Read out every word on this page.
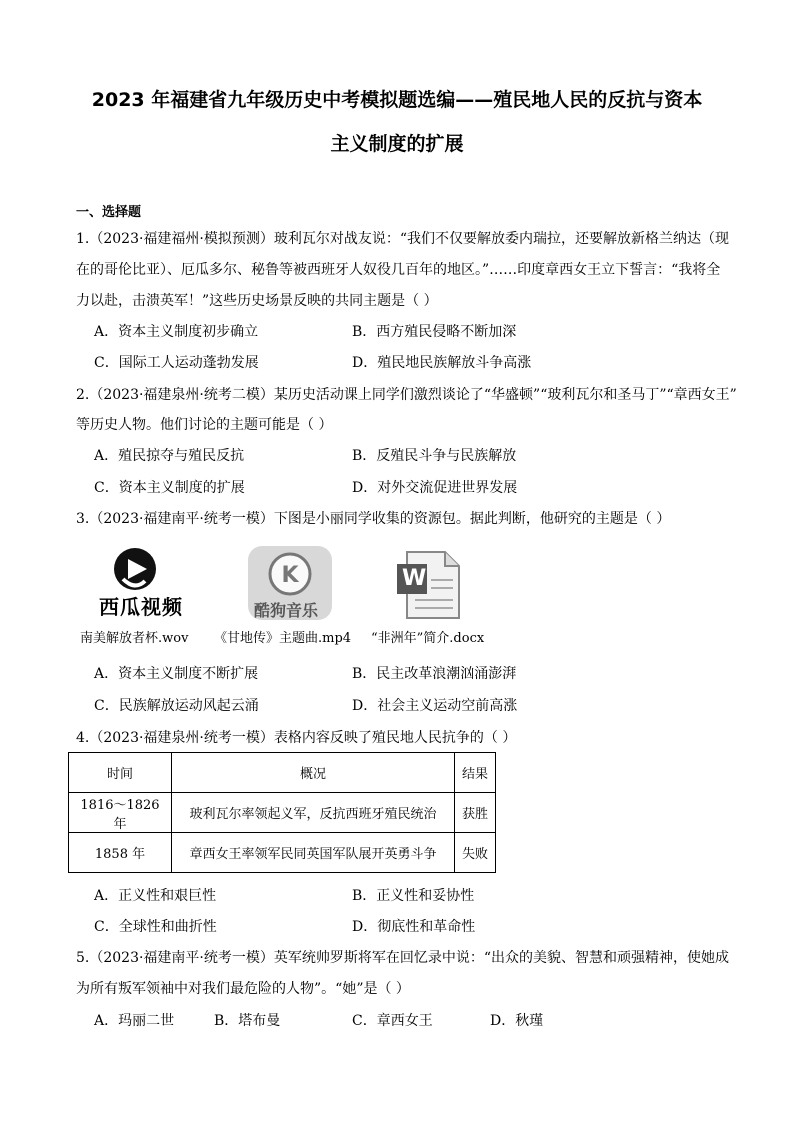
2023 年福建省九年级历史中考模拟题选编——殖民地人民的反抗与资本
主义制度的扩展
一、选择题
1.（2023·福建福州·模拟预测）玻利瓦尔对战友说：“我们不仅要解放委内瑞拉，还要解放新格兰纳达（现
在的哥伦比亚）、厄瓜多尔、秘鲁等被西班牙人奴役几百年的地区。”……印度章西女王立下誓言：“我将全
力以赴，击溃英军！”这些历史场景反映的共同主题是（ ）
A．资本主义制度初步确立	B．西方殖民侵略不断加深
C．国际工人运动蓬勃发展	D．殖民地民族解放斗争高涨
2.（2023·福建泉州·统考二模）某历史活动课上同学们激烈谈论了“华盛顿”“玻利瓦尔和圣马丁”“章西女王”
等历史人物。他们讨论的主题可能是（ ）
A．殖民掠夺与殖民反抗	B．反殖民斗争与民族解放
C．资本主义制度的扩展	D．对外交流促进世界发展
3.（2023·福建南平·统考一模）下图是小丽同学收集的资源包。据此判断，他研究的主题是（ ）
西瓜视频
K
酷狗音乐
W
南美解放者杯.wov 《甘地传》主题曲.mp4 “非洲年”简介.docx
A．资本主义制度不断扩展	B．民主改革浪潮汹涌澎湃
C．民族解放运动风起云涌	D．社会主义运动空前高涨
4.（2023·福建泉州·统考一模）表格内容反映了殖民地人民抗争的（ ）
时间	概况	结果
1816～1826 年	玻利瓦尔率领起义军，反抗西班牙殖民统治	获胜
1858 年	章西女王率领军民同英国军队展开英勇斗争	失败
A．正义性和艰巨性	B．正义性和妥协性
C．全球性和曲折性	D．彻底性和革命性
5.（2023·福建南平·统考一模）英军统帅罗斯将军在回忆录中说：“出众的美貌、智慧和顽强精神，使她成
为所有叛军领袖中对我们最危险的人物”。“她”是（ ）
A．玛丽二世	B．塔布曼	C．章西女王	D．秋瑾
